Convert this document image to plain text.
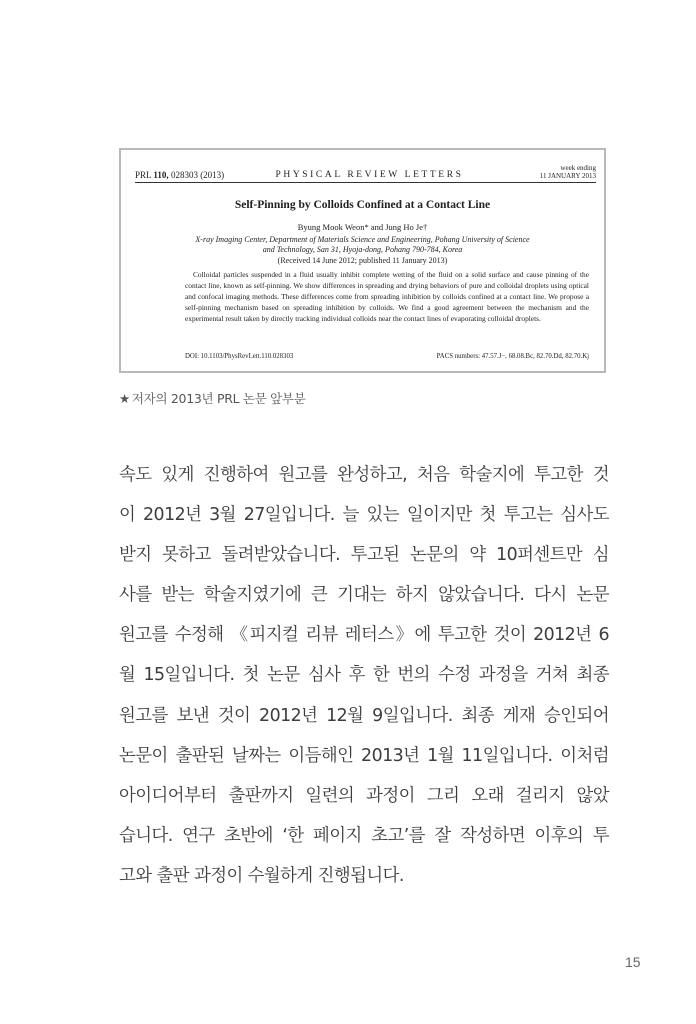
PRL 110, 028303 (2013)	PHYSICAL REVIEW LETTERS
week ending
11 JANUARY 2013
Self-Pinning by Colloids Confined at a Contact Line
Byung Mook Weon* and Jung Ho Je†
X-ray Imaging Center, Department of Materials Science and Engineering, Pohang University of Science
and Technology, San 31, Hyoja-dong, Pohang 790-784, Korea
(Received 14 June 2012; published 11 January 2013)
Colloidal particles suspended in a fluid usually inhibit complete wetting of the fluid on a solid surface and cause pinning of the contact line, known as self-pinning. We show differences in spreading and drying behaviors of pure and colloidal droplets using optical and confocal imaging methods. These differences come from spreading inhibition by colloids confined at a contact line. We propose a self-pinning mechanism based on spreading inhibition by colloids. We find a good agreement between the mechanism and the experimental result taken by directly tracking individual colloids near the contact lines of evaporating colloidal droplets.
DOI: 10.1103/PhysRevLett.110.028303	PACS numbers: 47.57.J−, 68.08.Bc, 82.70.Dd, 82.70.Kj
★ 저자의 2013년 PRL 논문 앞부분
속도 있게 진행하여 원고를 완성하고, 처음 학술지에 투고한 것
이 2012년 3월 27일입니다. 늘 있는 일이지만 첫 투고는 심사도
받지 못하고 돌려받았습니다. 투고된 논문의 약 10퍼센트만 심
사를 받는 학술지였기에 큰 기대는 하지 않았습니다. 다시 논문
원고를 수정해 《피지컬 리뷰 레터스》에 투고한 것이 2012년 6
월 15일입니다. 첫 논문 심사 후 한 번의 수정 과정을 거쳐 최종
원고를 보낸 것이 2012년 12월 9일입니다. 최종 게재 승인되어
논문이 출판된 날짜는 이듬해인 2013년 1월 11일입니다. 이처럼
아이디어부터 출판까지 일련의 과정이 그리 오래 걸리지 않았
습니다. 연구 초반에 ‘한 페이지 초고’를 잘 작성하면 이후의 투
고와 출판 과정이 수월하게 진행됩니다.
15
